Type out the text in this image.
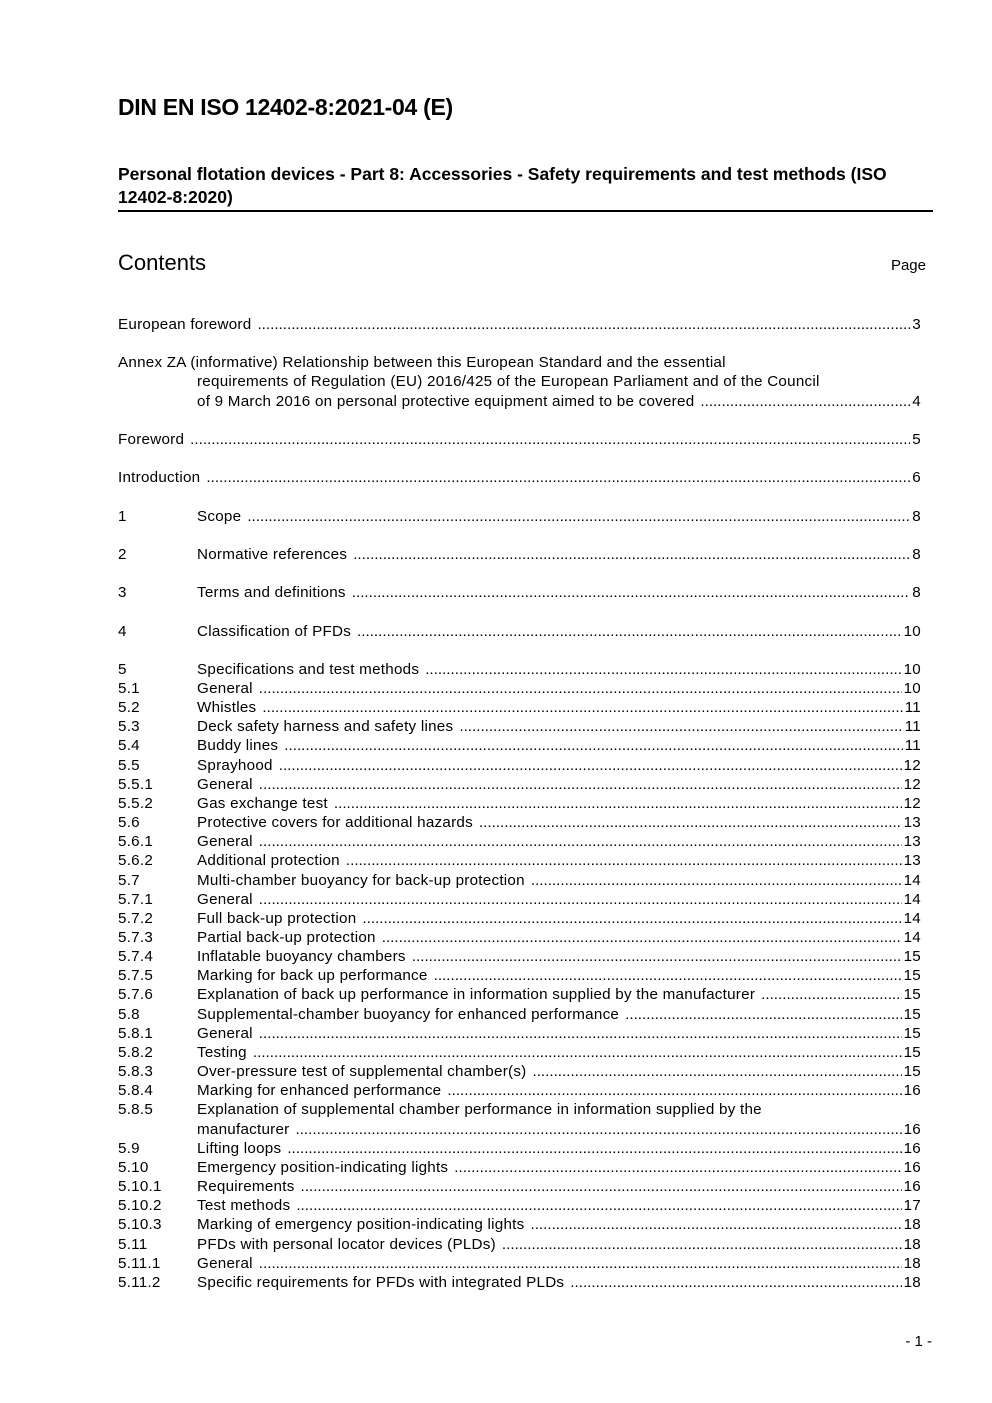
DIN EN ISO 12402-8:2021-04 (E)
Personal flotation devices - Part 8: Accessories - Safety requirements and test methods (ISO 12402-8:2020)
Contents	Page
European foreword .....	3
Annex ZA (informative) Relationship between this European Standard and the essential
requirements of Regulation (EU) 2016/425 of the European Parliament and of the Council
of 9 March 2016 on personal protective equipment aimed to be covered .....	4
Foreword .....	5
Introduction .....	6
1	Scope .....	8
2	Normative references .....	8
3	Terms and definitions .....	8
4	Classification of PFDs .....	10
5	Specifications and test methods .....	10
5.1	General .....	10
5.2	Whistles .....	11
5.3	Deck safety harness and safety lines .....	11
5.4	Buddy lines .....	11
5.5	Sprayhood .....	12
5.5.1	General .....	12
5.5.2	Gas exchange test .....	12
5.6	Protective covers for additional hazards .....	13
5.6.1	General .....	13
5.6.2	Additional protection .....	13
5.7	Multi-chamber buoyancy for back-up protection .....	14
5.7.1	General .....	14
5.7.2	Full back-up protection .....	14
5.7.3	Partial back-up protection .....	14
5.7.4	Inflatable buoyancy chambers .....	15
5.7.5	Marking for back up performance .....	15
5.7.6	Explanation of back up performance in information supplied by the manufacturer .....	15
5.8	Supplemental-chamber buoyancy for enhanced performance .....	15
5.8.1	General .....	15
5.8.2	Testing .....	15
5.8.3	Over-pressure test of supplemental chamber(s) .....	15
5.8.4	Marking for enhanced performance .....	16
5.8.5	Explanation of supplemental chamber performance in information supplied by the
manufacturer .....	16
5.9	Lifting loops .....	16
5.10	Emergency position-indicating lights .....	16
5.10.1	Requirements .....	16
5.10.2	Test methods .....	17
5.10.3	Marking of emergency position-indicating lights .....	18
5.11	PFDs with personal locator devices (PLDs) .....	18
5.11.1	General .....	18
5.11.2	Specific requirements for PFDs with integrated PLDs .....	18
- 1 -
